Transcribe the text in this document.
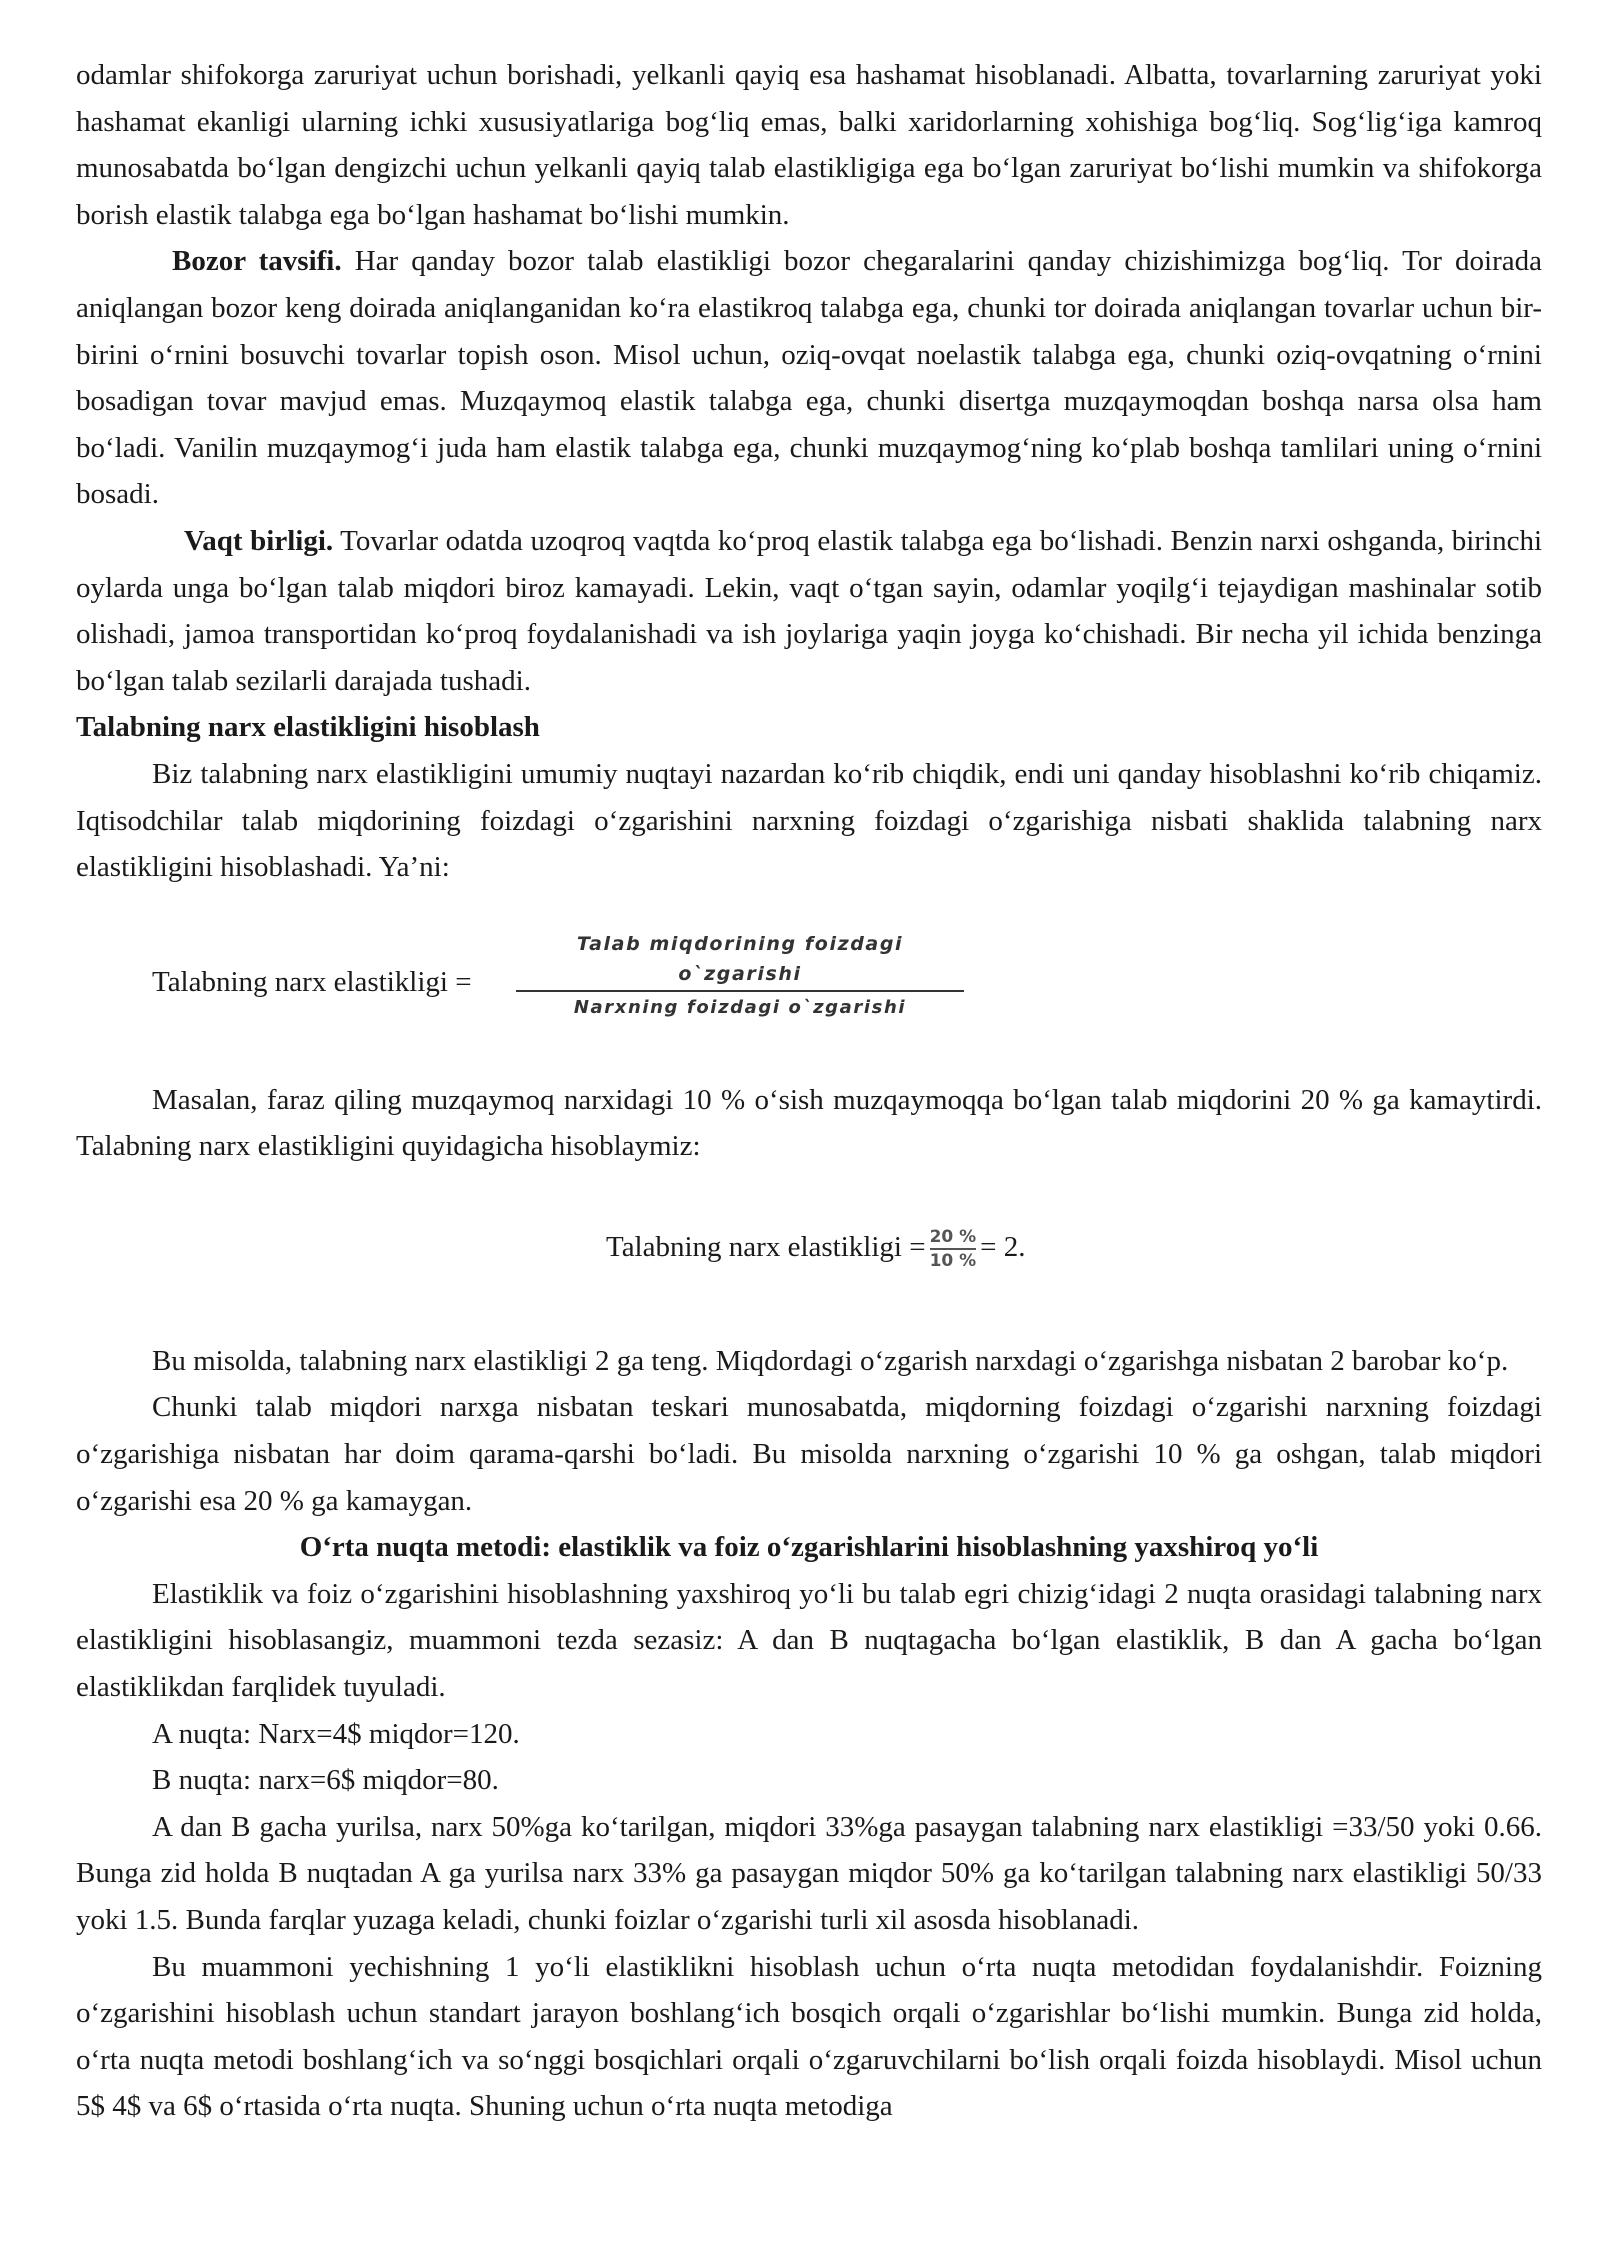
odamlar shifokorga zaruriyat uchun borishadi, yelkanli qayiq esa hashamat hisoblanadi. Albatta, tovarlarning zaruriyat yoki hashamat ekanligi ularning ichki xususiyatlariga bog‘liq emas, balki xaridorlarning xohishiga bog‘liq. Sog‘lig‘iga kamroq munosabatda bo‘lgan dengizchi uchun yelkanli qayiq talab elastikligiga ega bo‘lgan zaruriyat bo‘lishi mumkin va shifokorga borish elastik talabga ega bo‘lgan hashamat bo‘lishi mumkin.

Bozor tavsifi. Har qanday bozor talab elastikligi bozor chegaralarini qanday chizishimizga bog‘liq. Tor doirada aniqlangan bozor keng doirada aniqlanganidan ko‘ra elastikroq talabga ega, chunki tor doirada aniqlangan tovarlar uchun bir-birini o‘rnini bosuvchi tovarlar topish oson. Misol uchun, oziq-ovqat noelastik talabga ega, chunki oziq-ovqatning o‘rnini bosadigan tovar mavjud emas. Muzqaymoq elastik talabga ega, chunki disertga muzqaymoqdan boshqa narsa olsa ham bo‘ladi. Vanilin muzqaymog‘i juda ham elastik talabga ega, chunki muzqaymog‘ning ko‘plab boshqa tamlilari uning o‘rnini bosadi.

Vaqt birligi. Tovarlar odatda uzoqroq vaqtda ko‘proq elastik talabga ega bo‘lishadi. Benzin narxi oshganda, birinchi oylarda unga bo‘lgan talab miqdori biroz kamayadi. Lekin, vaqt o‘tgan sayin, odamlar yoqilg‘i tejaydigan mashinalar sotib olishadi, jamoa transportidan ko‘proq foydalanishadi va ish joylariga yaqin joyga ko‘chishadi. Bir necha yil ichida benzinga bo‘lgan talab sezilarli darajada tushadi.

Talabning narx elastikligini hisoblash

Biz talabning narx elastikligini umumiy nuqtayi nazardan ko‘rib chiqdik, endi uni qanday hisoblashni ko‘rib chiqamiz. Iqtisodchilar talab miqdorining foizdagi o‘zgarishini narxning foizdagi o‘zgarishiga nisbati shaklida talabning narx elastikligini hisoblashadi. Ya’ni:

Talabning narx elastikligi =
Talab miqdorining foizdagi o`zgarishi
Narxning foizdagi o`zgarishi

Masalan, faraz qiling muzqaymoq narxidagi 10 % o‘sish muzqaymoqqa bo‘lgan talab miqdorini 20 % ga kamaytirdi. Talabning narx elastikligini quyidagicha hisoblaymiz:

Talabning narx elastikligi = $\frac{20 \%}{10 \%} = 2$.

Bu misolda, talabning narx elastikligi 2 ga teng. Miqdordagi o‘zgarish narxdagi o‘zgarishga nisbatan 2 barobar ko‘p.

Chunki talab miqdori narxga nisbatan teskari munosabatda, miqdorning foizdagi o‘zgarishi narxning foizdagi o‘zgarishiga nisbatan har doim qarama-qarshi bo‘ladi. Bu misolda narxning o‘zgarishi 10 % ga oshgan, talab miqdori o‘zgarishi esa 20 % ga kamaygan.

O‘rta nuqta metodi: elastiklik va foiz o‘zgarishlarini hisoblashning yaxshiroq yo‘li

Elastiklik va foiz o‘zgarishini hisoblashning yaxshiroq yo‘li bu talab egri chizig‘idagi 2 nuqta orasidagi talabning narx elastikligini hisoblasangiz, muammoni tezda sezasiz: A dan B nuqtagacha bo‘lgan elastiklik, B dan A gacha bo‘lgan elastiklikdan farqlidek tuyuladi.

A nuqta: Narx=4$ miqdor=120.

B nuqta: narx=6$ miqdor=80.

A dan B gacha yurilsa, narx 50%ga ko‘tarilgan, miqdori 33%ga pasaygan talabning narx elastikligi =33/50 yoki 0.66. Bunga zid holda B nuqtadan A ga yurilsa narx 33% ga pasaygan miqdor 50% ga ko‘tarilgan talabning narx elastikligi 50/33 yoki 1.5. Bunda farqlar yuzaga keladi, chunki foizlar o‘zgarishi turli xil asosda hisoblanadi.

Bu muammoni yechishning 1 yo‘li elastiklikni hisoblash uchun o‘rta nuqta metodidan foydalanishdir. Foizning o‘zgarishini hisoblash uchun standart jarayon boshlang‘ich bosqich orqali o‘zgarishlar bo‘lishi mumkin. Bunga zid holda, o‘rta nuqta metodi boshlang‘ich va so‘nggi bosqichlari orqali o‘zgaruvchilarni bo‘lish orqali foizda hisoblaydi. Misol uchun 5$ 4$ va 6$ o‘rtasida o‘rta nuqta. Shuning uchun o‘rta nuqta metodiga
